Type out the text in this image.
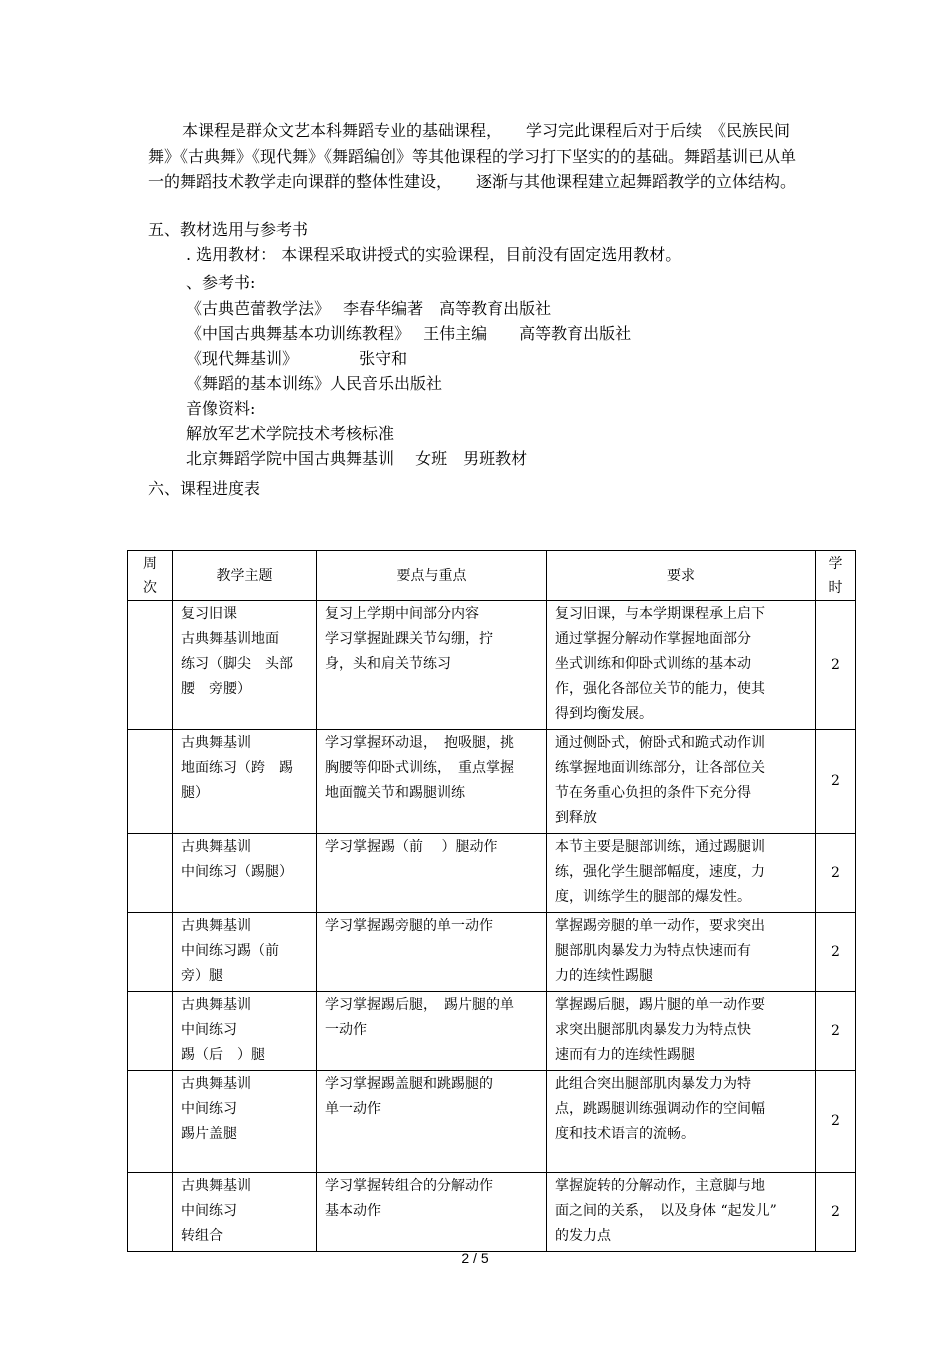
本课程是群众文艺本科舞蹈专业的基础课程，　　学习完此课程后对于后续　《民族民间舞》《古典舞》《现代舞》《舞蹈编创》等其他课程的学习打下坚实的的基础。舞蹈基训已从单一的舞蹈技术教学走向课群的整体性建设，　　逐渐与其他课程建立起舞蹈教学的立体结构。
五、教材选用与参考书
. 选用教材： 本课程采取讲授式的实验课程，目前没有固定选用教材。
、参考书:
《古典芭蕾教学法》　 李春华编著　高等教育出版社
《中国古典舞基本功训练教程》　 王伟主编　　高等教育出版社
《现代舞基训》　　　　 张守和
《舞蹈的基本训练》人民音乐出版社
音像资料:
解放军艺术学院技术考核标准
北京舞蹈学院中国古典舞基训　 女班　男班教材
六、课程进度表
周
次	教学主题	要点与重点	要求	学
时

	复习旧课
古典舞基训地面
练习（脚尖　头部
腰　旁腰）	复习上学期中间部分内容
学习掌握趾踝关节勾绷，拧
身，头和肩关节练习	复习旧课，与本学期课程承上启下
通过掌握分解动作掌握地面部分
坐式训练和仰卧式训练的基本动
作，强化各部位关节的能力，使其
得到均衡发展。	2

	古典舞基训
地面练习（跨　踢
腿）	学习掌握环动退，　抱吸腿，挑
胸腰等仰卧式训练，　重点掌握
地面髋关节和踢腿训练	通过侧卧式，俯卧式和跪式动作训
练掌握地面训练部分，让各部位关
节在务重心负担的条件下充分得
到释放	2

	古典舞基训
中间练习（踢腿）	学习掌握踢（前　 ）腿动作	本节主要是腿部训练，通过踢腿训
练，强化学生腿部幅度，速度，力
度，训练学生的腿部的爆发性。	2

	古典舞基训
中间练习踢（前
旁）腿	学习掌握踢旁腿的单一动作	掌握踢旁腿的单一动作，要求突出
腿部肌肉暴发力为特点快速而有
力的连续性踢腿	2

	古典舞基训
中间练习
踢（后　）腿	学习掌握踢后腿，　踢片腿的单
一动作	掌握踢后腿，踢片腿的单一动作要
求突出腿部肌肉暴发力为特点快
速而有力的连续性踢腿	2

	古典舞基训
中间练习
踢片盖腿	学习掌握踢盖腿和跳踢腿的
单一动作	此组合突出腿部肌肉暴发力为特
点，跳踢腿训练强调动作的空间幅
度和技术语言的流畅。	2

	古典舞基训
中间练习
转组合	学习掌握转组合的分解动作
基本动作	掌握旋转的分解动作，主意脚与地
面之间的关系，　以及身体 “起发儿”
的发力点	2
2 / 5
